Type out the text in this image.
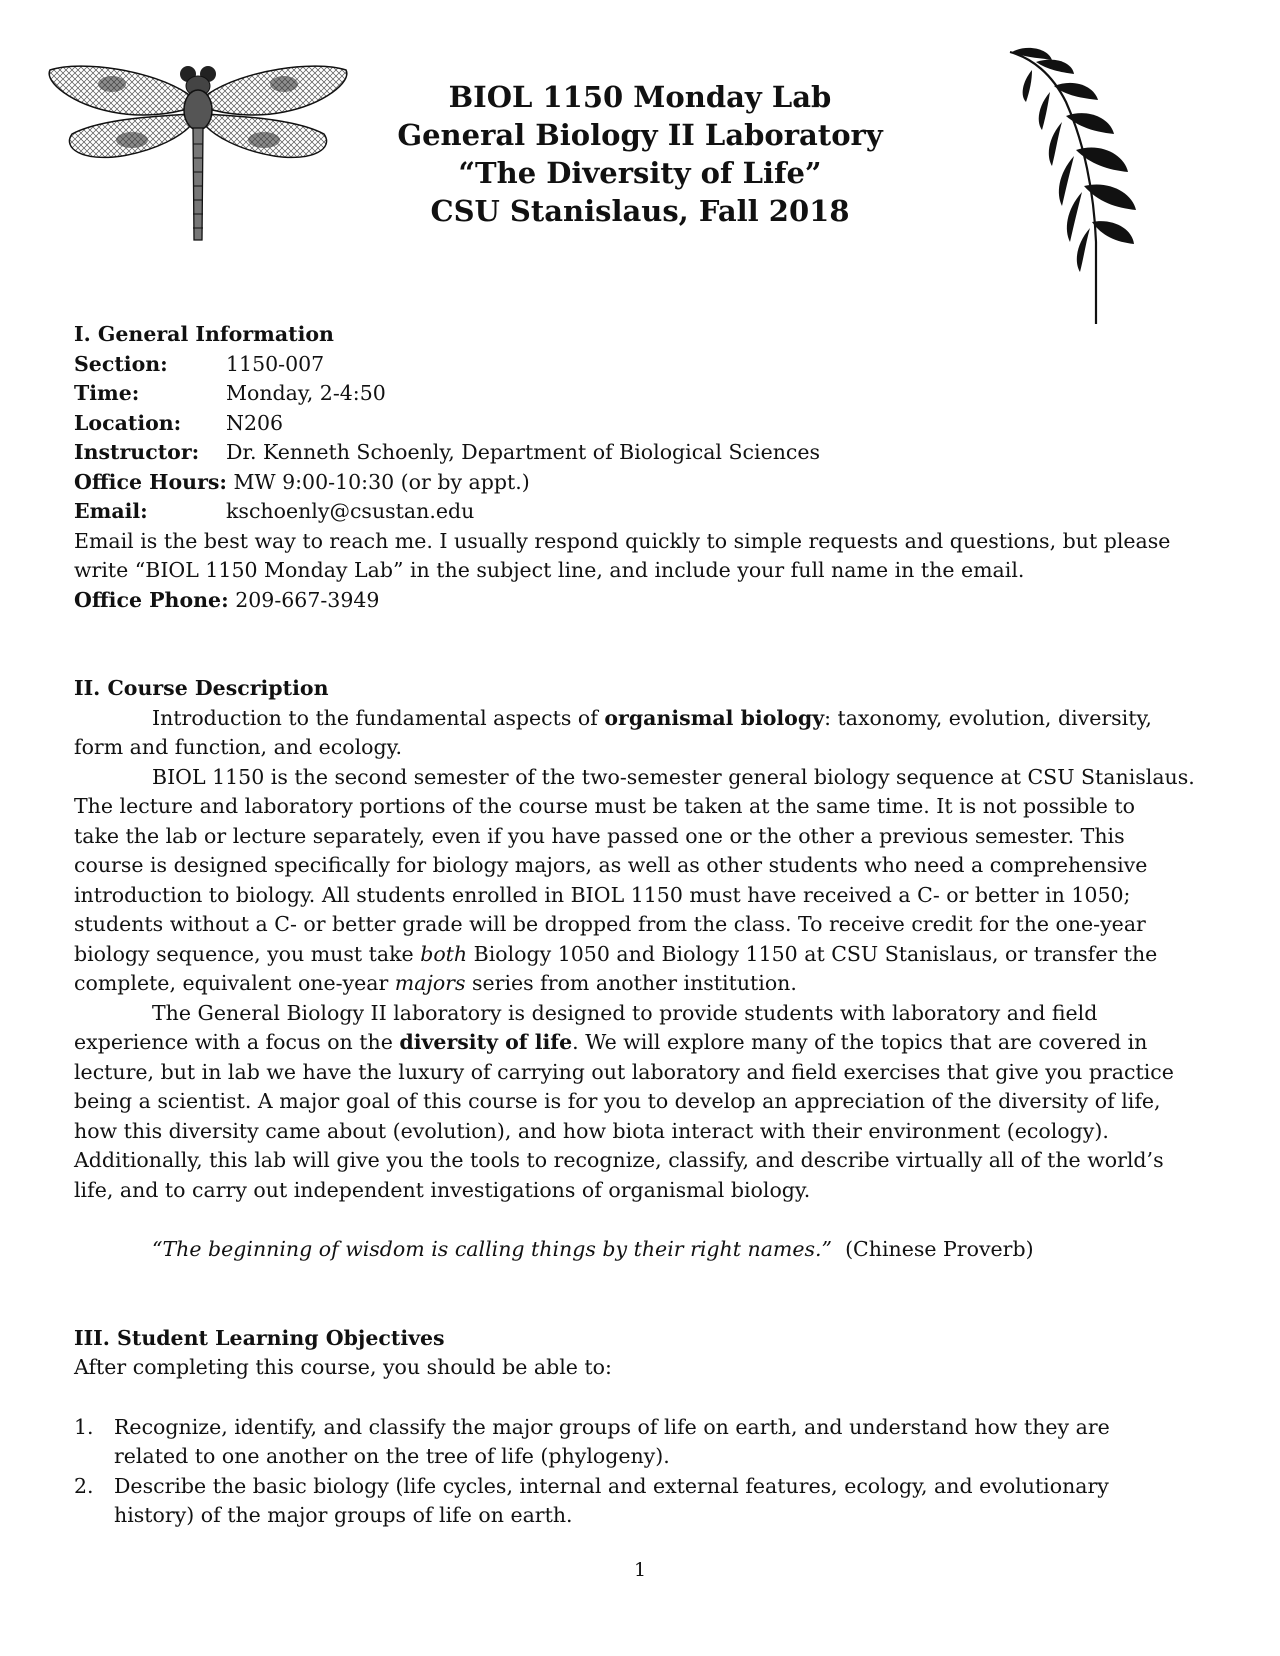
BIOL 1150 Monday Lab
General Biology II Laboratory
“The Diversity of Life”
CSU Stanislaus, Fall 2018
I. General Information
Section:	1150-007
Time:	Monday, 2-4:50
Location: N206
Instructor: Dr. Kenneth Schoenly, Department of Biological Sciences
Office Hours: MW 9:00-10:30 (or by appt.)
Email:	kschoenly@csustan.edu
Email is the best way to reach me. I usually respond quickly to simple requests and questions, but please
write “BIOL 1150 Monday Lab” in the subject line, and include your full name in the email.
Office Phone: 209-667-3949
II. Course Description
Introduction to the fundamental aspects of organismal biology: taxonomy, evolution, diversity,
form and function, and ecology.
BIOL 1150 is the second semester of the two-semester general biology sequence at CSU Stanislaus.
The lecture and laboratory portions of the course must be taken at the same time. It is not possible to
take the lab or lecture separately, even if you have passed one or the other a previous semester. This
course is designed specifically for biology majors, as well as other students who need a comprehensive
introduction to biology. All students enrolled in BIOL 1150 must have received a C- or better in 1050;
students without a C- or better grade will be dropped from the class. To receive credit for the one-year
biology sequence, you must take both Biology 1050 and Biology 1150 at CSU Stanislaus, or transfer the
complete, equivalent one-year majors series from another institution.
The General Biology II laboratory is designed to provide students with laboratory and field
experience with a focus on the diversity of life. We will explore many of the topics that are covered in
lecture, but in lab we have the luxury of carrying out laboratory and field exercises that give you practice
being a scientist. A major goal of this course is for you to develop an appreciation of the diversity of life,
how this diversity came about (evolution), and how biota interact with their environment (ecology).
Additionally, this lab will give you the tools to recognize, classify, and describe virtually all of the world’s
life, and to carry out independent investigations of organismal biology.
“The beginning of wisdom is calling things by their right names.” (Chinese Proverb)
III. Student Learning Objectives
After completing this course, you should be able to:
1. Recognize, identify, and classify the major groups of life on earth, and understand how they are
related to one another on the tree of life (phylogeny).
2. Describe the basic biology (life cycles, internal and external features, ecology, and evolutionary
history) of the major groups of life on earth.
1
